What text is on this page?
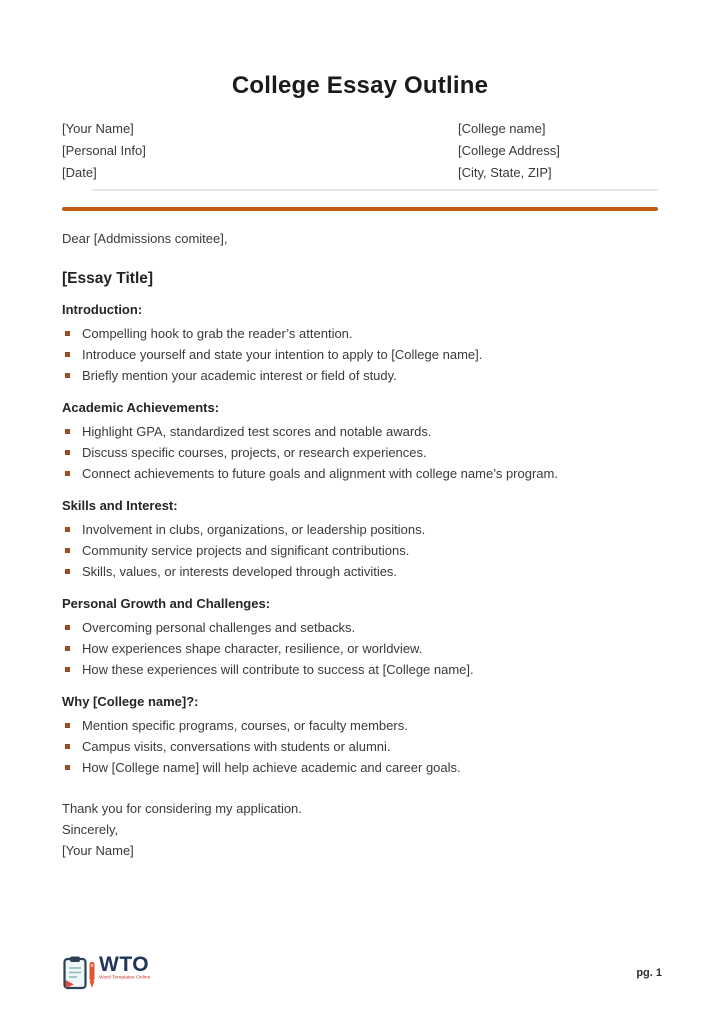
College Essay Outline
[Your Name]
[Personal Info]
[Date]
[College name]
[College Address]
[City, State, ZIP]

Dear [Addmissions comitee],

[Essay Title]
Introduction:
Compelling hook to grab the reader’s attention.
Introduce yourself and state your intention to apply to [College name].
Briefly mention your academic interest or field of study.
Academic Achievements:
Highlight GPA, standardized test scores and notable awards.
Discuss specific courses, projects, or research experiences.
Connect achievements to future goals and alignment with college name’s program.
Skills and Interest:
Involvement in clubs, organizations, or leadership positions.
Community service projects and significant contributions.
Skills, values, or interests developed through activities.
Personal Growth and Challenges:
Overcoming personal challenges and setbacks.
How experiences shape character, resilience, or worldview.
How these experiences will contribute to success at [College name].
Why [College name]?:
Mention specific programs, courses, or faculty members.
Campus visits, conversations with students or alumni.
How [College name] will help achieve academic and career goals.
Thank you for considering my application.
Sincerely,
[Your Name]
WTO
Word Templates Online	pg. 1
